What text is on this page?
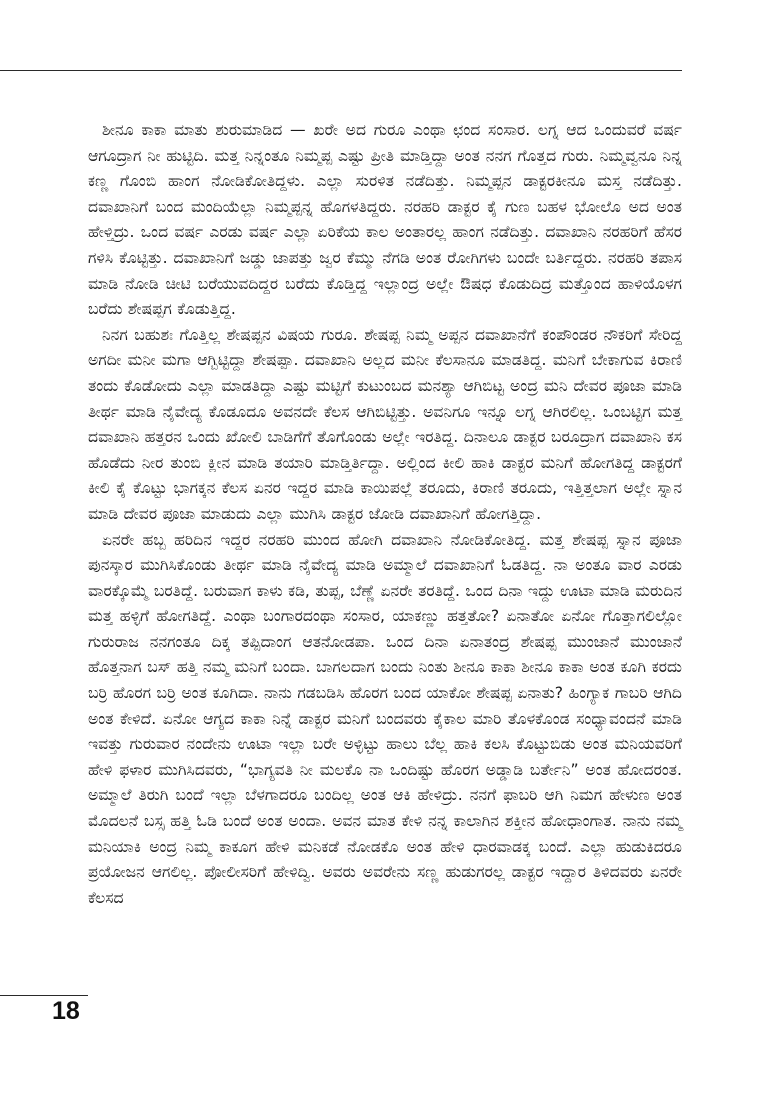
ಶೀನೂ ಕಾಕಾ ಮಾತು ಶುರುಮಾಡಿದ — ಖರೇ ಅದ ಗುರೂ ಎಂಥಾ ಛಂದ ಸಂಸಾರ. ಲಗ್ನ ಆದ ಒಂದುವರೆ ವರ್ಷ ಆಗೂದ್ರಾಗ ನೀ ಹುಟ್ಟಿದಿ. ಮತ್ತ ನಿನ್ನಂತೂ ನಿಮ್ಮಪ್ಪ ಎಷ್ಟು ಪ್ರೀತಿ ಮಾಡ್ತಿದ್ದಾ ಅಂತ ನನಗ ಗೊತ್ತದ ಗುರು. ನಿಮ್ಮವ್ವನೂ ನಿನ್ನ ಕಣ್ಣ ಗೊಂಬಿ ಹಾಂಗ ನೋಡಿಕೋತಿದ್ದಳು. ಎಲ್ಲಾ ಸುರಳಿತ ನಡೆದಿತ್ತು. ನಿಮ್ಮಪ್ಪನ ಡಾಕ್ಟರಕೀನೂ ಮಸ್ತ ನಡೆದಿತ್ತು. ದವಾಖಾನಿಗೆ ಬಂದ ಮಂದಿಯೆಲ್ಲಾ ನಿಮ್ಮಪ್ಪನ್ನ ಹೊಗಳತಿದ್ದರು. ನರಹರಿ ಡಾಕ್ಟರ ಕೈ ಗುಣ ಬಹಳ ಭೋಲೊ ಅದ ಅಂತ ಹೇಳ್ತಿದ್ರು. ಒಂದ ವರ್ಷ ಎರಡು ವರ್ಷ ಎಲ್ಲಾ ಏರಿಕೆಯ ಕಾಲ ಅಂತಾರಲ್ಲ ಹಾಂಗ ನಡೆದಿತ್ತು. ದವಾಖಾನಿ ನರಹರಿಗೆ ಹೆಸರ ಗಳಿಸಿ ಕೊಟ್ಟಿತ್ತು. ದವಾಖಾನಿಗೆ ಜಡ್ಡು ಜಾಪತ್ತು ಜ್ವರ ಕೆಮ್ಮು ನೆಗಡಿ ಅಂತ ರೋಗಿಗಳು ಬಂದೇ ಬರ್ತಿದ್ದರು. ನರಹರಿ ತಪಾಸ ಮಾಡಿ ನೋಡಿ ಚೀಟಿ ಬರೆಯುವದಿದ್ದರ ಬರೆದು ಕೊಡ್ತಿದ್ದ ಇಲ್ಲಾಂದ್ರ ಅಲ್ಲೇ ಔಷಧ ಕೊಡುದಿದ್ರ ಮತ್ತೊಂದ ಹಾಳಿಯೊಳಗ ಬರೆದು ಶೇಷಪ್ಪಗ ಕೊಡುತ್ತಿದ್ದ.

ನಿನಗ ಬಹುಶಃ ಗೊತ್ತಿಲ್ಲ ಶೇಷಪ್ಪನ ವಿಷಯ ಗುರೂ. ಶೇಷಪ್ಪ ನಿಮ್ಮ ಅಪ್ಪನ ದವಾಖಾನೆಗೆ ಕಂಪೌಂಡರ ನೌಕರಿಗೆ ಸೇರಿದ್ದ ಅಗದೀ ಮನೀ ಮಗಾ ಆಗ್ಬಿಟ್ಟಿದ್ದಾ ಶೇಷಪ್ಪಾ. ದವಾಖಾನಿ ಅಲ್ಲದ ಮನೀ ಕೆಲಸಾನೂ ಮಾಡತಿದ್ದ. ಮನಿಗೆ ಬೇಕಾಗುವ ಕಿರಾಣಿ ತಂದು ಕೊಡೋದು ಎಲ್ಲಾ ಮಾಡತಿದ್ದಾ ಎಷ್ಟು ಮಟ್ಟಿಗೆ ಕುಟುಂಬದ ಮನಶ್ಯಾ ಆಗಿಬಿಟ್ಟ ಅಂದ್ರ ಮನಿ ದೇವರ ಪೂಜಾ ಮಾಡಿ ತೀರ್ಥ ಮಾಡಿ ನೈವೇದ್ಯ ಕೊಡೂದೂ ಅವನದೇ ಕೆಲಸ ಆಗಿಬಿಟ್ಟಿತ್ತು. ಅವನಿಗೂ ಇನ್ನೂ ಲಗ್ನ ಆಗಿರಲಿಲ್ಲ. ಒಂಬಟ್ಟಿಗ ಮತ್ತ ದವಾಖಾನಿ ಹತ್ತರನ ಒಂದು ಖೋಲಿ ಬಾಡಿಗೆಗೆ ತೊಗೊಂಡು ಅಲ್ಲೇ ಇರತಿದ್ದ. ದಿನಾಲೂ ಡಾಕ್ಟರ ಬರೂದ್ರಾಗ ದವಾಖಾನಿ ಕಸ ಹೊಡೆದು ನೀರ ತುಂಬಿ ಕ್ಲೀನ ಮಾಡಿ ತಯಾರಿ ಮಾಡ್ತಿರ್ತಿದ್ದಾ. ಅಲ್ಲಿಂದ ಕೀಲಿ ಹಾಕಿ ಡಾಕ್ಟರ ಮನಿಗೆ ಹೋಗತಿದ್ದ ಡಾಕ್ಟರಗೆ ಕೀಲಿ ಕೈ ಕೊಟ್ಟು ಭಾಗಕ್ಕನ ಕೆಲಸ ಏನರ ಇದ್ದರ ಮಾಡಿ ಕಾಯಿಪಲ್ಲೆ ತರೂದು, ಕಿರಾಣಿ ತರೂದು, ಇತ್ತಿತ್ತಲಾಗ ಅಲ್ಲೇ ಸ್ನಾನ ಮಾಡಿ ದೇವರ ಪೂಜಾ ಮಾಡುದು ಎಲ್ಲಾ ಮುಗಿಸಿ ಡಾಕ್ಟರ ಜೋಡಿ ದವಾಖಾನಿಗೆ ಹೋಗತ್ತಿದ್ದಾ.

ಏನರೇ ಹಬ್ಬ ಹರಿದಿನ ಇದ್ದರ ನರಹರಿ ಮುಂದ ಹೋಗಿ ದವಾಖಾನಿ ನೋಡಿಕೋತಿದ್ದ. ಮತ್ತ ಶೇಷಪ್ಪ ಸ್ನಾನ ಪೂಜಾ ಪುನಸ್ಕಾರ ಮುಗಿಸಿಕೊಂಡು ತೀರ್ಥ ಮಾಡಿ ನೈವೇದ್ಯ ಮಾಡಿ ಅಮ್ಮಾಲೆ ದವಾಖಾನಿಗೆ ಓಡತಿದ್ದ. ನಾ ಅಂತೂ ವಾರ ಎರಡು ವಾರಕ್ಕೊಮ್ಮೆ ಬರತಿದ್ದೆ. ಬರುವಾಗ ಕಾಳು ಕಡಿ, ತುಪ್ಪ, ಬೆಣ್ಣೆ ಏನರೇ ತರತಿದ್ದೆ. ಒಂದ ದಿನಾ ಇದ್ದು ಊಟಾ ಮಾಡಿ ಮರುದಿನ ಮತ್ತ ಹಳ್ಳಿಗೆ ಹೋಗತಿದ್ದೆ. ಎಂಥಾ ಬಂಗಾರದಂಥಾ ಸಂಸಾರ, ಯಾಕಣ್ಣು ಹತ್ತತೋ? ಏನಾತೋ ಏನೋ ಗೊತ್ತಾಗಲಿಲ್ಲೋ ಗುರುರಾಜ ನನಗಂತೂ ದಿಕ್ಕ ತಪ್ಪಿದಾಂಗ ಆತನೋಡಪಾ. ಒಂದ ದಿನಾ ಏನಾತಂದ್ರ ಶೇಷಪ್ಪ ಮುಂಜಾನೆ ಮುಂಜಾನೆ ಹೊತ್ತನಾಗ ಬಸ್ ಹತ್ತಿ ನಮ್ಮ ಮನಿಗೆ ಬಂದಾ. ಬಾಗಲದಾಗ ಬಂದು ನಿಂತು ಶೀನೂ ಕಾಕಾ ಶೀನೂ ಕಾಕಾ ಅಂತ ಕೂಗಿ ಕರದು ಬರ್ರಿ ಹೊರಗ ಬರ್ರಿ ಅಂತ ಕೂಗಿದಾ. ನಾನು ಗಡಬಡಿಸಿ ಹೊರಗ ಬಂದ ಯಾಕೋ ಶೇಷಪ್ಪ ಏನಾತು? ಹಿಂಗ್ಯಾಕ ಗಾಬರಿ ಆಗಿದಿ ಅಂತ ಕೇಳಿದೆ. ಏನೋ ಆಗ್ಯದ ಕಾಕಾ ನಿನ್ನೆ ಡಾಕ್ಟರ ಮನಿಗೆ ಬಂದವರು ಕೈಕಾಲ ಮಾರಿ ತೊಳಕೊಂಡ ಸಂಧ್ಯಾವಂದನೆ ಮಾಡಿ ಇವತ್ತು ಗುರುವಾರ ನಂದೇನು ಊಟಾ ಇಲ್ಲಾ ಬರೇ ಅಳ್ಳಿಟ್ಟು ಹಾಲು ಬೆಲ್ಲ ಹಾಕಿ ಕಲಸಿ ಕೊಟ್ಟುಬಿಡು ಅಂತ ಮನಿಯವರಿಗೆ ಹೇಳಿ ಫಳಾರ ಮುಗಿಸಿದವರು, “ಭಾಗ್ಯವತಿ ನೀ ಮಲಕೊ ನಾ ಒಂದಿಷ್ಟು ಹೊರಗ ಅಡ್ಡಾಡಿ ಬರ್ತೇನಿ” ಅಂತ ಹೋದರಂತ. ಅಮ್ಮಾಲೆ ತಿರುಗಿ ಬಂದೆ ಇಲ್ಲಾ ಬೆಳಗಾದರೂ ಬಂದಿಲ್ಲ ಅಂತ ಆಕಿ ಹೇಳಿದ್ರು. ನನಗೆ ಫಾಬರಿ ಆಗಿ ನಿಮಗ ಹೇಳುಣ ಅಂತ ಮೊದಲನೆ ಬಸ್ಸ ಹತ್ತಿ ಓಡಿ ಬಂದೆ ಅಂತ ಅಂದಾ. ಅವನ ಮಾತ ಕೇಳಿ ನನ್ನ ಕಾಲಾಗಿನ ಶಕ್ತೀನ ಹೋಧಾಂಗಾತ. ನಾನು ನಮ್ಮ ಮನಿಯಾಕಿ ಅಂದ್ರ ನಿಮ್ಮ ಕಾಕೂಗ ಹೇಳಿ ಮನಿಕಡೆ ನೋಡಕೊ ಅಂತ ಹೇಳಿ ಧಾರವಾಡಕ್ಕ ಬಂದೆ. ಎಲ್ಲಾ ಹುಡುಕಿದರೂ ಪ್ರಯೋಜನ ಆಗಲಿಲ್ಲ. ಪೋಲೀಸರಿಗೆ ಹೇಳಿದ್ವಿ. ಅವರು ಅವರೇನು ಸಣ್ಣ ಹುಡುಗರಲ್ಲ ಡಾಕ್ಟರ ಇದ್ದಾರ ತಿಳಿದವರು ಏನರೇ ಕೆಲಸದ

18
